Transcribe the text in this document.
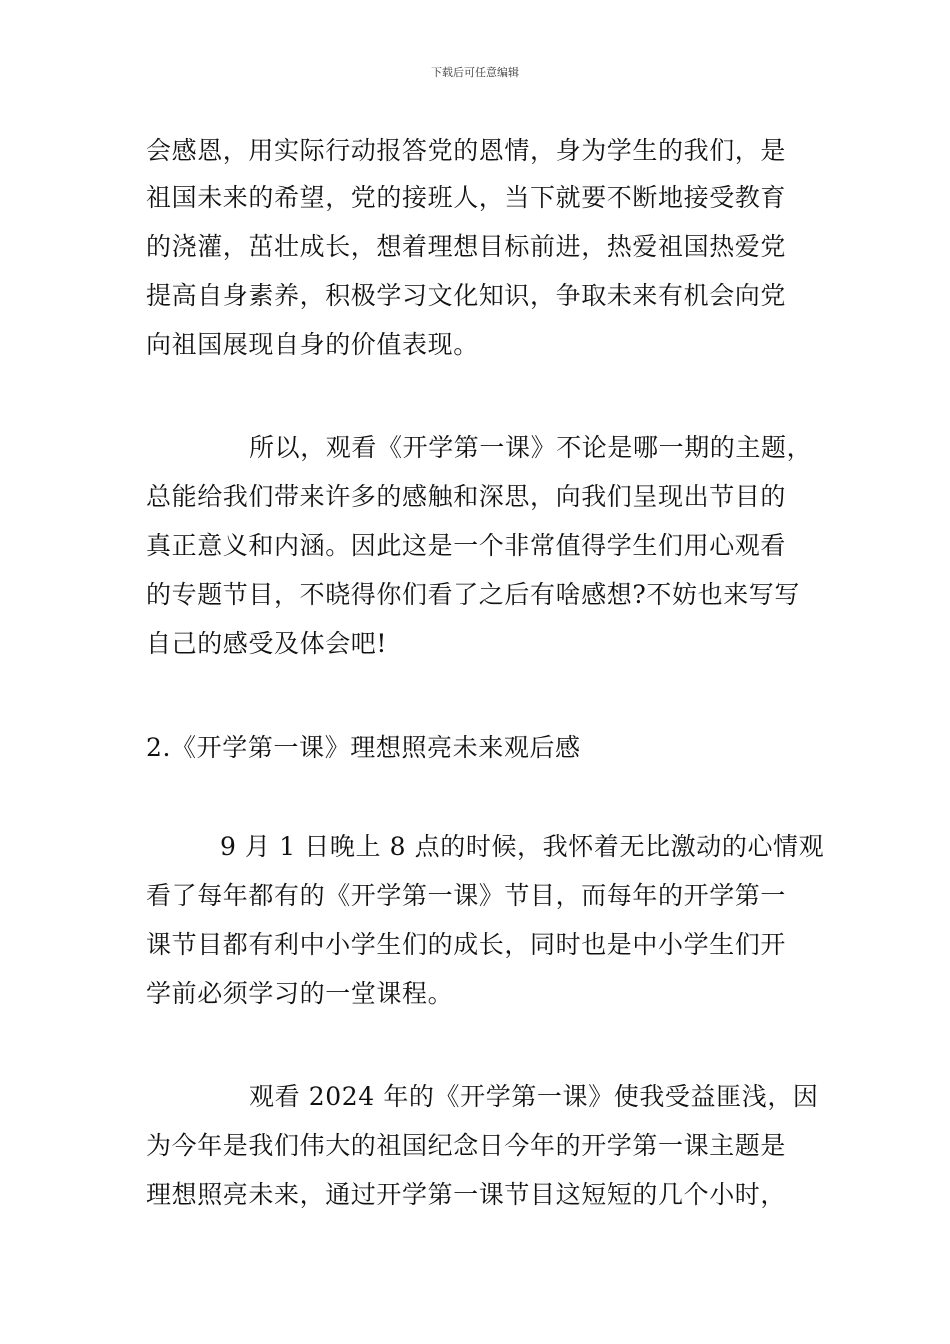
下载后可任意编辑
会感恩，用实际行动报答党的恩情，身为学生的我们，是
祖国未来的希望，党的接班人，当下就要不断地接受教育
的浇灌，茁壮成长，想着理想目标前进，热爱祖国热爱党
提高自身素养，积极学习文化知识，争取未来有机会向党
向祖国展现自身的价值表现。
所以，观看《开学第一课》不论是哪一期的主题，
总能给我们带来许多的感触和深思，向我们呈现出节目的
真正意义和内涵。因此这是一个非常值得学生们用心观看
的专题节目，不晓得你们看了之后有啥感想?不妨也来写写
自己的感受及体会吧!
2.《开学第一课》理想照亮未来观后感
9 月 1 日晚上 8 点的时候，我怀着无比激动的心情观
看了每年都有的《开学第一课》节目，而每年的开学第一
课节目都有利中小学生们的成长，同时也是中小学生们开
学前必须学习的一堂课程。
观看 2024 年的《开学第一课》使我受益匪浅，因
为今年是我们伟大的祖国纪念日今年的开学第一课主题是
理想照亮未来，通过开学第一课节目这短短的几个小时，
